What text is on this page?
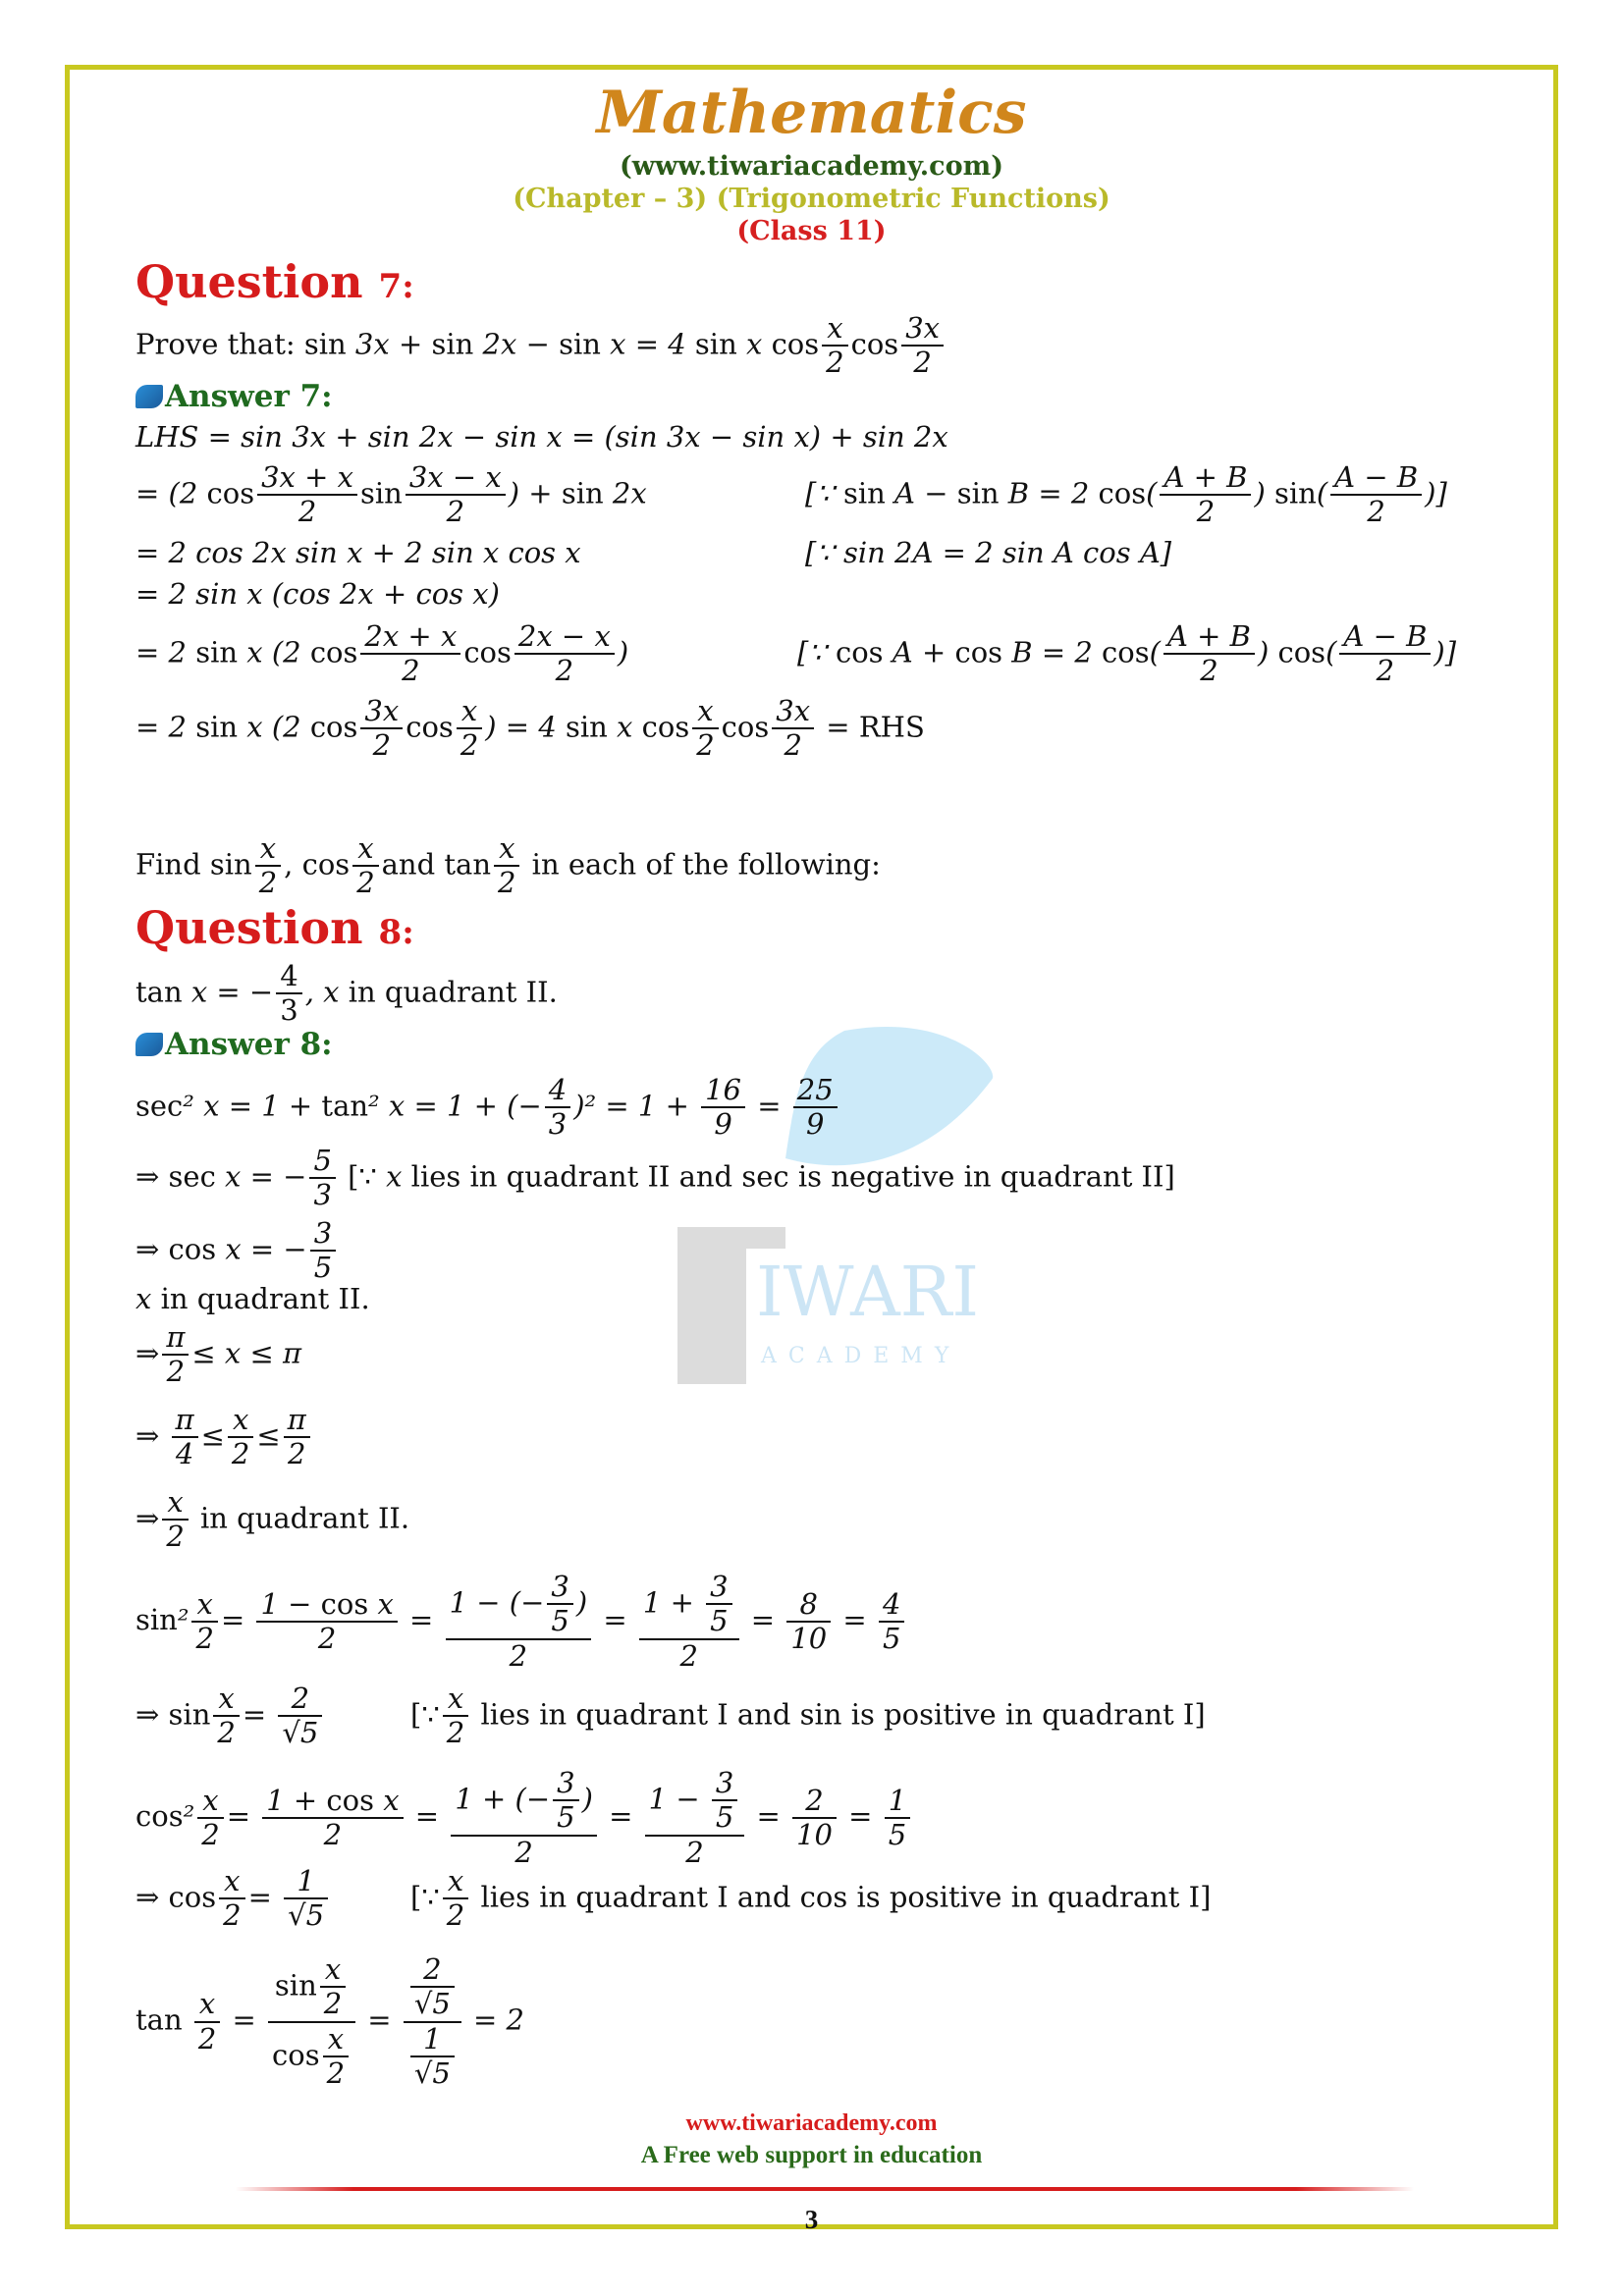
Mathematics
(www.tiwariacademy.com)
(Chapter – 3) (Trigonometric Functions)
(Class 11)
IWARI
ACADEMY
Question 7:
Prove that: sin 3x + sin 2x − sin x = 4 sin x $\cos \frac{x}{2}$ $\cos \frac{3x}{2}$
Answer 7:
LHS = sin 3x + sin 2x − sin x = (sin 3x − sin x) + sin 2x
= (2 $\cos \frac{3x + x}{2}$ $\sin \frac{3x - x}{2}$ ) + sin 2x	[∵ sin A − sin B = 2 $\cos( \frac{A + B}{2}$ ) $\sin( \frac{A - B}{2}$ )]
= 2 cos 2x sin x + 2 sin x cos x	[∵ sin 2A = 2 sin A cos A]
= 2 sin x (cos 2x + cos x)
= 2 sin x (2 $\cos \frac{2x + x}{2}$ $\cos \frac{2x - x}{2}$ )	[∵ cos A + cos B = 2 $\cos( \frac{A + B}{2}$ ) $\cos( \frac{A - B}{2}$ )]
= 2 sin x (2 $\cos \frac{3x}{2}$ $\cos \frac{x}{2}$ ) = 4 sin x $\cos \frac{x}{2}$ $\cos \frac{3x}{2}$ = RHS
Find $\sin \frac{x}{2}$ , $\cos \frac{x}{2}$ and $\tan \frac{x}{2}$ in each of the following:
Question 8:
tan x = − $\frac{4}{3}$ , x in quadrant II.
Answer 8:
sec² x = 1 + tan² x = 1 + (− $\frac{4}{3} )^2 = 1 + \frac{16}{9} = \frac{25}{9}$
⇒ sec x = − $\frac{5}{3}$ [∵ x lies in quadrant II and sec is negative in quadrant II]
⇒ cos x = − $\frac{3}{5}$
x in quadrant II.
⇒ $\frac{\pi}{2} \le x \le \pi$
⇒ $\frac{\pi}{4} \le \frac{x}{2} \le \frac{\pi}{2}$
⇒ $\frac{x}{2}$ in quadrant II.
$\sin^2 \frac{x}{2} = \frac{\text{1 − cos x}}{2} = \frac{1 - (- \frac{3}{5} )}{2} = \frac{1 + \frac{3}{5}}{2} = \frac{8}{10} = \frac{4}{5}$
⇒ $\sin \frac{x}{2} = \frac{2}{√5}$	[∵ $\frac{x}{2}$ lies in quadrant I and sin is positive in quadrant I]
$\cos^2 \frac{x}{2} = \frac{\text{1 + cos x}}{2} = \frac{1 + (- \frac{3}{5} )}{2} = \frac{1 - \frac{3}{5}}{2} = \frac{2}{10} = \frac{1}{5}$
⇒ $\cos \frac{x}{2} = \frac{1}{√5}$	[∵ $\frac{x}{2}$ lies in quadrant I and cos is positive in quadrant I]
$\tan \frac{x}{2} = \frac{\sin \frac{x}{2}}{\cos \frac{x}{2}} = \frac{\frac{2}{√5}}{\frac{1}{√5}} = 2$
www.tiwariacademy.com
A Free web support in education
3
